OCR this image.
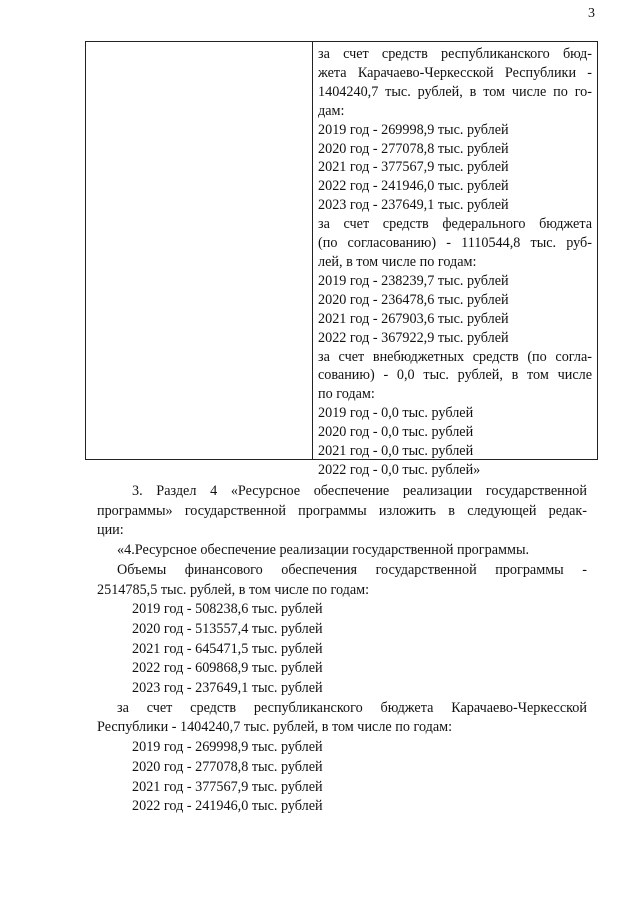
3
за счет средств республиканского бюд-
жета Карачаево-Черкесской Республики -
1404240,7 тыс. рублей, в том числе по го-
дам:
2019 год - 269998,9 тыс. рублей
2020 год - 277078,8 тыс. рублей
2021 год - 377567,9 тыс. рублей
2022 год - 241946,0 тыс. рублей
2023 год - 237649,1 тыс. рублей
за счет средств федерального бюджета
(по согласованию) - 1110544,8 тыс. руб-
лей, в том числе по годам:
2019 год - 238239,7 тыс. рублей
2020 год - 236478,6 тыс. рублей
2021 год - 267903,6 тыс. рублей
2022 год - 367922,9 тыс. рублей
за счет внебюджетных средств (по согла-
сованию) - 0,0 тыс. рублей, в том числе
по годам:
2019 год - 0,0 тыс. рублей
2020 год - 0,0 тыс. рублей
2021 год - 0,0 тыс. рублей
2022 год - 0,0 тыс. рублей»
3. Раздел 4 «Ресурсное обеспечение реализации государственной
программы» государственной программы изложить в следующей редак-
ции:
«4.Ресурсное обеспечение реализации государственной программы.
Объемы финансового обеспечения государственной программы -
2514785,5 тыс. рублей, в том числе по годам:
2019 год - 508238,6 тыс. рублей
2020 год - 513557,4 тыс. рублей
2021 год - 645471,5 тыс. рублей
2022 год - 609868,9 тыс. рублей
2023 год - 237649,1 тыс. рублей
за счет средств республиканского бюджета Карачаево-Черкесской
Республики - 1404240,7 тыс. рублей, в том числе по годам:
2019 год - 269998,9 тыс. рублей
2020 год - 277078,8 тыс. рублей
2021 год - 377567,9 тыс. рублей
2022 год - 241946,0 тыс. рублей
